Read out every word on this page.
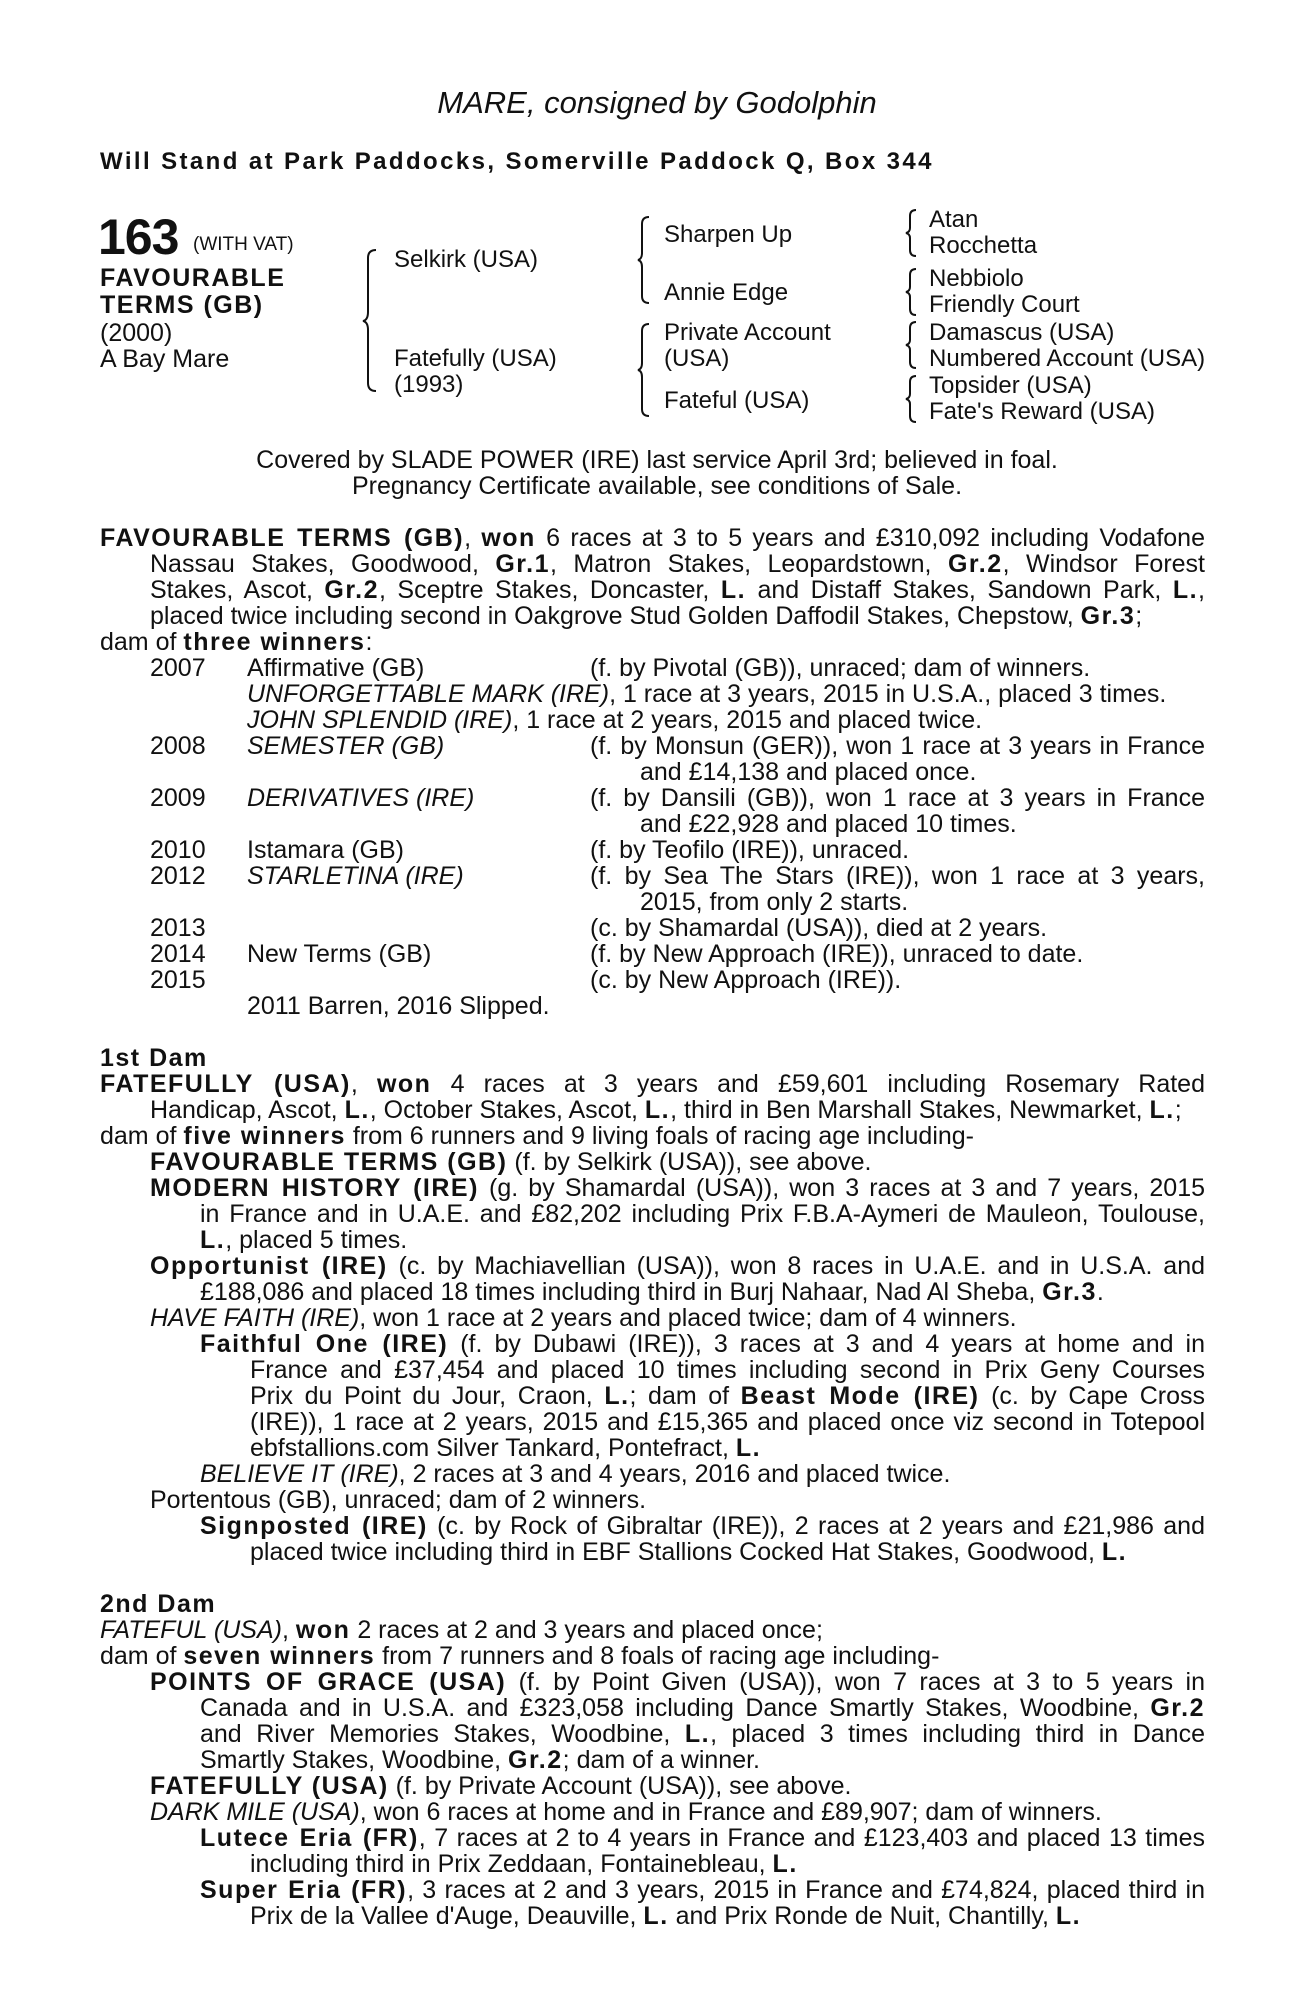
MARE, consigned by Godolphin
Will Stand at Park Paddocks, Somerville Paddock Q, Box 344
163 (WITH VAT)
FAVOURABLE
TERMS (GB)
(2000)
A Bay Mare
Selkirk (USA)
Fatefully (USA)
(1993)
Sharpen Up
Annie Edge
Private Account
(USA)
Fateful (USA)
Atan
Rocchetta
Nebbiolo
Friendly Court
Damascus (USA)
Numbered Account (USA)
Topsider (USA)
Fate's Reward (USA)
Covered by SLADE POWER (IRE) last service April 3rd; believed in foal.
Pregnancy Certificate available, see conditions of Sale.
FAVOURABLE TERMS (GB), won 6 races at 3 to 5 years and £310,092 including Vodafone
Nassau Stakes, Goodwood, Gr.1, Matron Stakes, Leopardstown, Gr.2, Windsor Forest
Stakes, Ascot, Gr.2, Sceptre Stakes, Doncaster, L. and Distaff Stakes, Sandown Park, L.,
placed twice including second in Oakgrove Stud Golden Daffodil Stakes, Chepstow, Gr.3;
dam of three winners:
2007 Affirmative (GB)	(f. by Pivotal (GB)), unraced; dam of winners.
UNFORGETTABLE MARK (IRE), 1 race at 3 years, 2015 in U.S.A., placed 3 times.
JOHN SPLENDID (IRE), 1 race at 2 years, 2015 and placed twice.
2008 SEMESTER (GB)	(f. by Monsun (GER)), won 1 race at 3 years in France
and £14,138 and placed once.
2009 DERIVATIVES (IRE)	(f. by Dansili (GB)), won 1 race at 3 years in France
and £22,928 and placed 10 times.
2010 Istamara (GB)	(f. by Teofilo (IRE)), unraced.
2012 STARLETINA (IRE)	(f. by Sea The Stars (IRE)), won 1 race at 3 years,
2015, from only 2 starts.
2013	(c. by Shamardal (USA)), died at 2 years.
2014 New Terms (GB)	(f. by New Approach (IRE)), unraced to date.
2015	(c. by New Approach (IRE)).
2011 Barren, 2016 Slipped.
1st Dam
FATEFULLY (USA), won 4 races at 3 years and £59,601 including Rosemary Rated
Handicap, Ascot, L., October Stakes, Ascot, L., third in Ben Marshall Stakes, Newmarket, L.;
dam of five winners from 6 runners and 9 living foals of racing age including-
FAVOURABLE TERMS (GB) (f. by Selkirk (USA)), see above.
MODERN HISTORY (IRE) (g. by Shamardal (USA)), won 3 races at 3 and 7 years, 2015
in France and in U.A.E. and £82,202 including Prix F.B.A-Aymeri de Mauleon, Toulouse,
L., placed 5 times.
Opportunist (IRE) (c. by Machiavellian (USA)), won 8 races in U.A.E. and in U.S.A. and
£188,086 and placed 18 times including third in Burj Nahaar, Nad Al Sheba, Gr.3.
HAVE FAITH (IRE), won 1 race at 2 years and placed twice; dam of 4 winners.
Faithful One (IRE) (f. by Dubawi (IRE)), 3 races at 3 and 4 years at home and in
France and £37,454 and placed 10 times including second in Prix Geny Courses
Prix du Point du Jour, Craon, L.; dam of Beast Mode (IRE) (c. by Cape Cross
(IRE)), 1 race at 2 years, 2015 and £15,365 and placed once viz second in Totepool
ebfstallions.com Silver Tankard, Pontefract, L.
BELIEVE IT (IRE), 2 races at 3 and 4 years, 2016 and placed twice.
Portentous (GB), unraced; dam of 2 winners.
Signposted (IRE) (c. by Rock of Gibraltar (IRE)), 2 races at 2 years and £21,986 and
placed twice including third in EBF Stallions Cocked Hat Stakes, Goodwood, L.
2nd Dam
FATEFUL (USA), won 2 races at 2 and 3 years and placed once;
dam of seven winners from 7 runners and 8 foals of racing age including-
POINTS OF GRACE (USA) (f. by Point Given (USA)), won 7 races at 3 to 5 years in
Canada and in U.S.A. and £323,058 including Dance Smartly Stakes, Woodbine, Gr.2
and River Memories Stakes, Woodbine, L., placed 3 times including third in Dance
Smartly Stakes, Woodbine, Gr.2; dam of a winner.
FATEFULLY (USA) (f. by Private Account (USA)), see above.
DARK MILE (USA), won 6 races at home and in France and £89,907; dam of winners.
Lutece Eria (FR), 7 races at 2 to 4 years in France and £123,403 and placed 13 times
including third in Prix Zeddaan, Fontainebleau, L.
Super Eria (FR), 3 races at 2 and 3 years, 2015 in France and £74,824, placed third in
Prix de la Vallee d'Auge, Deauville, L. and Prix Ronde de Nuit, Chantilly, L.
